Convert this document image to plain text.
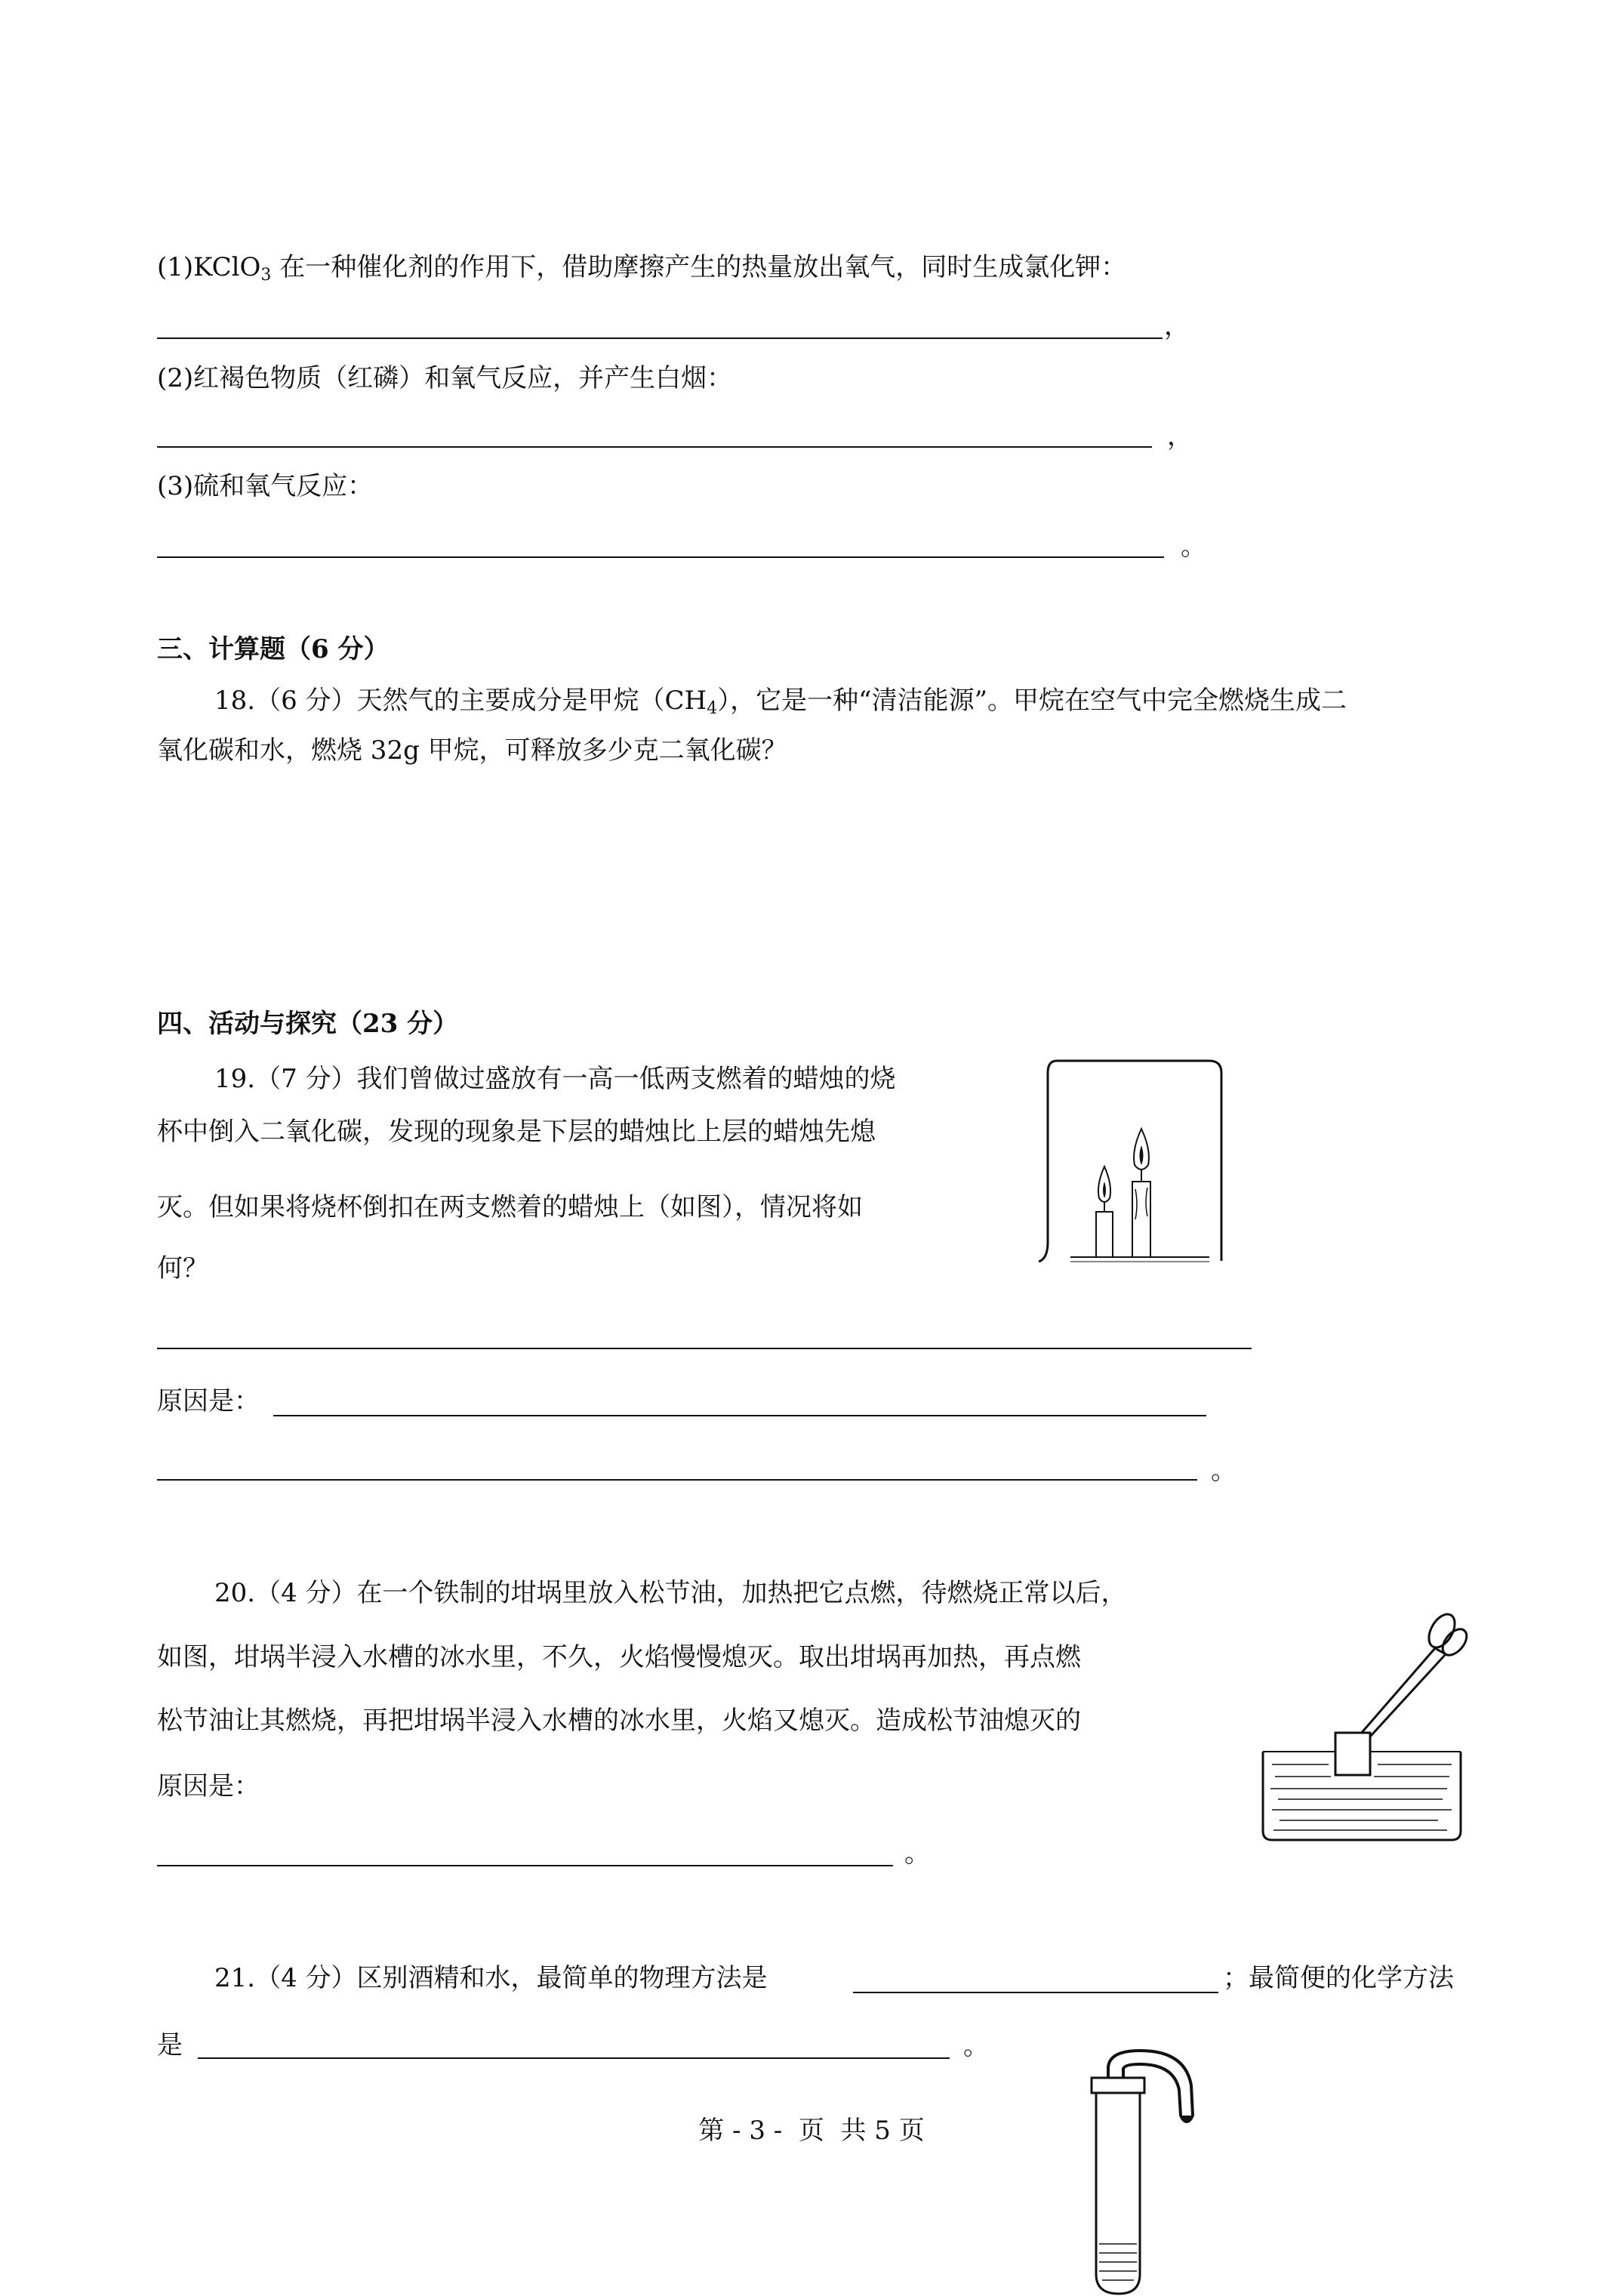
(1)KClO$_3$ 在一种催化剂的作用下，借助摩擦产生的热量放出氧气，同时生成氯化钾：
，
(2)红褐色物质（红磷）和氧气反应，并产生白烟：
，
(3)硫和氧气反应：
。
三、计算题（6 分）
18.（6 分）天然气的主要成分是甲烷$(CH_4)$，它是一种“清洁能源”。甲烷在空气中完全燃烧生成二
氧化碳和水，燃烧 32g 甲烷，可释放多少克二氧化碳？
四、活动与探究（23 分）
19.（7 分）我们曾做过盛放有一高一低两支燃着的蜡烛的烧
杯中倒入二氧化碳，发现的现象是下层的蜡烛比上层的蜡烛先熄
灭。但如果将烧杯倒扣在两支燃着的蜡烛上（如图），情况将如
何？
原因是：
。
20.（4 分）在一个铁制的坩埚里放入松节油，加热把它点燃，待燃烧正常以后，
如图，坩埚半浸入水槽的冰水里，不久，火焰慢慢熄灭。取出坩埚再加热，再点燃
松节油让其燃烧，再把坩埚半浸入水槽的冰水里，火焰又熄灭。造成松节油熄灭的
原因是：
。
21.（4 分）区别酒精和水，最简单的物理方法是	；最简便的化学方法
是	。
第 - 3 -  页  共 5 页
